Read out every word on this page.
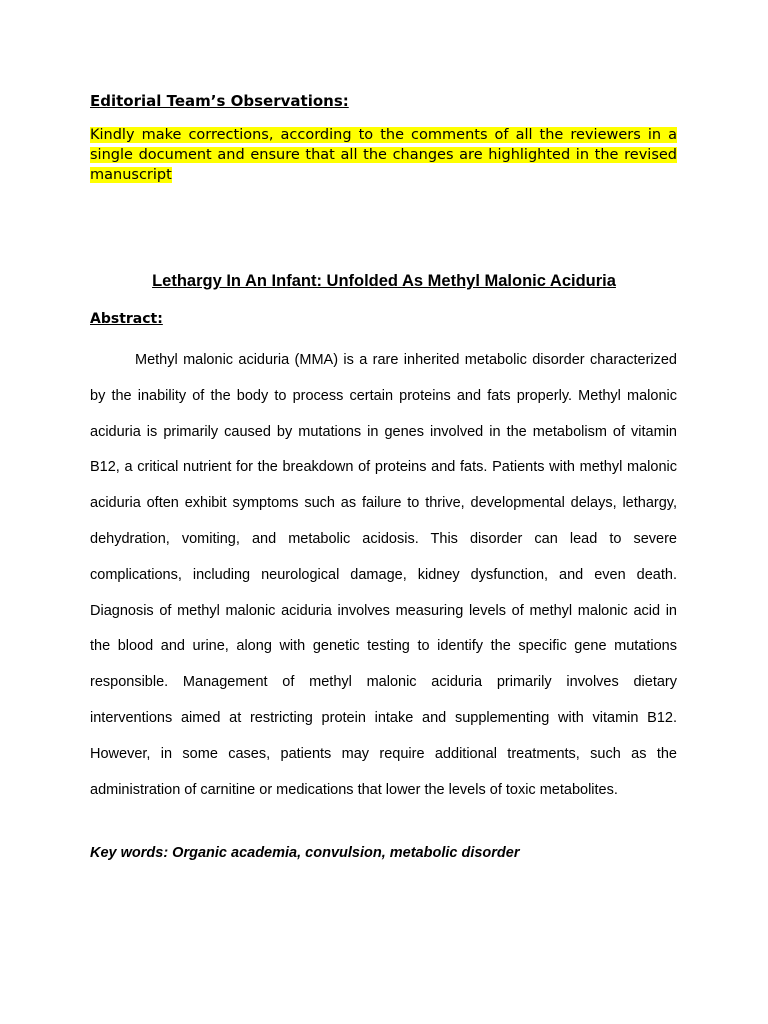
Editorial Team’s Observations:
Kindly make corrections, according to the comments of all the reviewers in a single document and ensure that all the changes are highlighted in the revised manuscript
Lethargy In An Infant: Unfolded As Methyl Malonic Aciduria
Abstract:

Methyl malonic aciduria (MMA) is a rare inherited metabolic disorder characterized by the inability of the body to process certain proteins and fats properly. Methyl malonic aciduria is primarily caused by mutations in genes involved in the metabolism of vitamin B12, a critical nutrient for the breakdown of proteins and fats. Patients with methyl malonic aciduria often exhibit symptoms such as failure to thrive, developmental delays, lethargy, dehydration, vomiting, and metabolic acidosis. This disorder can lead to severe complications, including neurological damage, kidney dysfunction, and even death. Diagnosis of methyl malonic aciduria involves measuring levels of methyl malonic acid in the blood and urine, along with genetic testing to identify the specific gene mutations responsible. Management of methyl malonic aciduria primarily involves dietary interventions aimed at restricting protein intake and supplementing with vitamin B12. However, in some cases, patients may require additional treatments, such as the administration of carnitine or medications that lower the levels of toxic metabolites.

Key words: Organic academia, convulsion, metabolic disorder
